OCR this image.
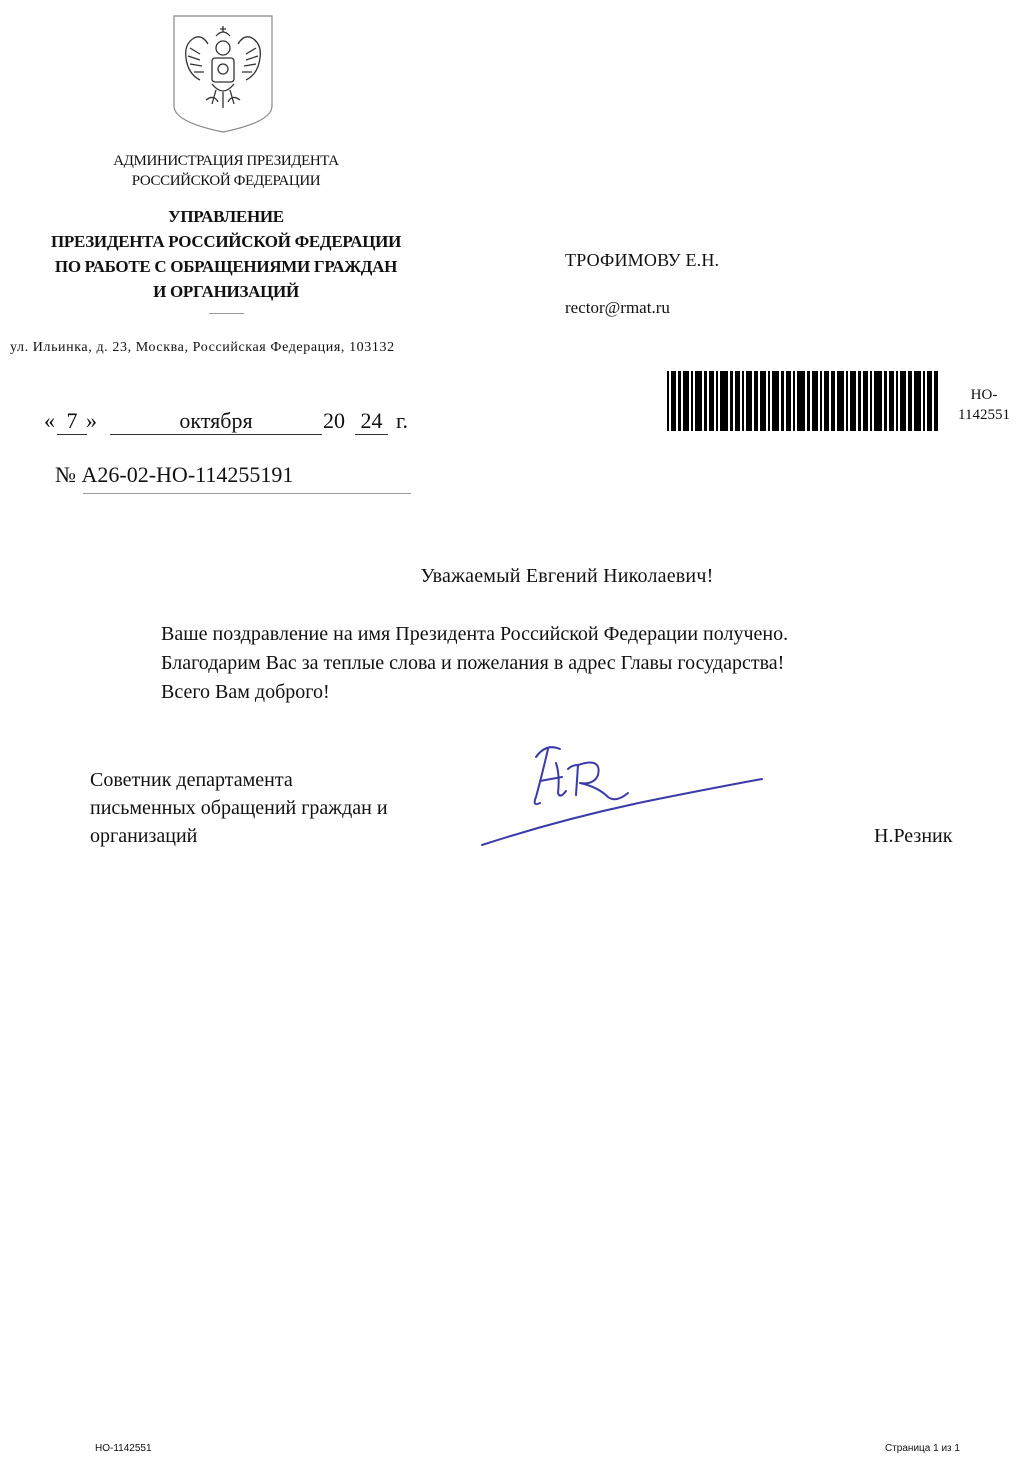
АДМИНИСТРАЦИЯ ПРЕЗИДЕНТА
РОССИЙСКОЙ ФЕДЕРАЦИИ
УПРАВЛЕНИЕ
ПРЕЗИДЕНТА РОССИЙСКОЙ ФЕДЕРАЦИИ
ПО РАБОТЕ С ОБРАЩЕНИЯМИ ГРАЖДАН
И ОРГАНИЗАЦИЙ
ул. Ильинка, д. 23, Москва, Российская Федерация, 103132
ТРОФИМОВУ Е.Н.
rector@rmat.ru
НО-
1142551
« 7 »	октября	20 24 г.
№ А26-02-НО-114255191
Уважаемый Евгений Николаевич!
Ваше поздравление на имя Президента Российской Федерации получено.
Благодарим Вас за теплые слова и пожелания в адрес Главы государства!
Всего Вам доброго!
Советник департамента
письменных обращений граждан и
организаций	Н.Резник
НО-1142551	Страница 1 из 1
